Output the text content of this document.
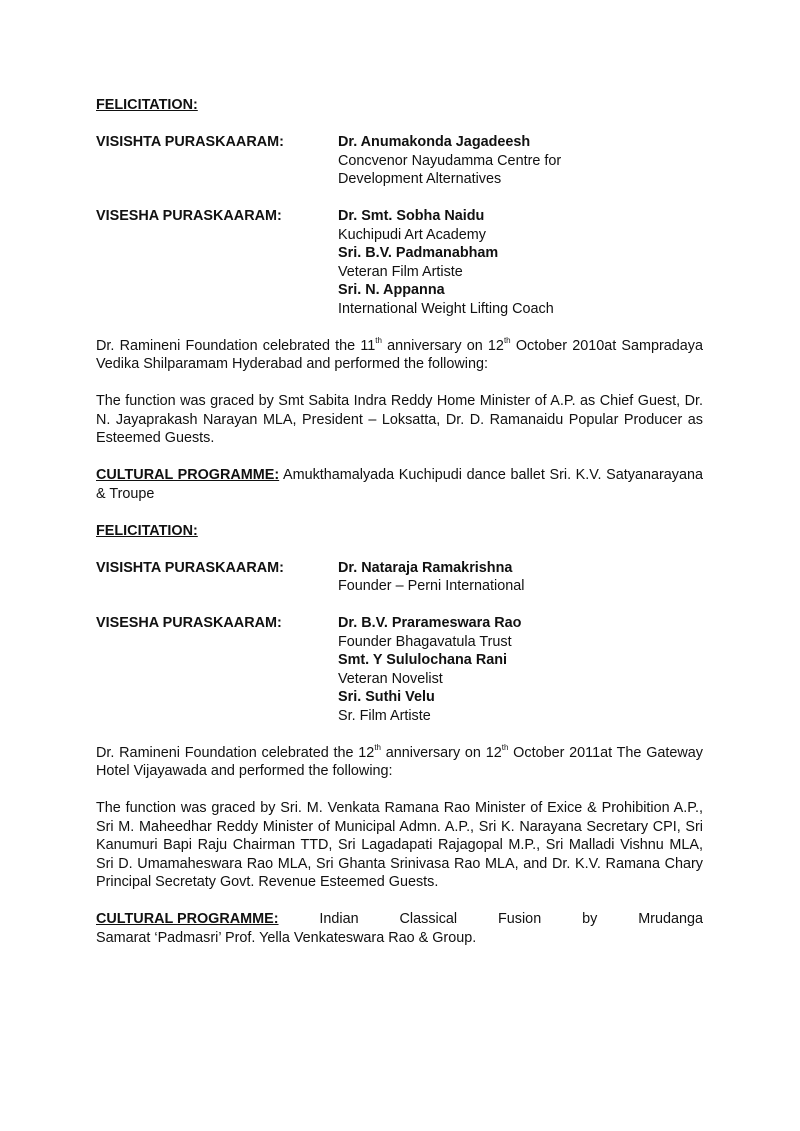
FELICITATION:
VISISHTA PURASKAARAM:	Dr. Anumakonda Jagadeesh
Concvenor Nayudamma Centre for
Development Alternatives
VISESHA PURASKAARAM:	Dr. Smt. Sobha Naidu
Kuchipudi Art Academy
Sri. B.V. Padmanabham
Veteran Film Artiste
Sri. N. Appanna
International Weight Lifting Coach
Dr. Ramineni Foundation celebrated the 11th anniversary on 12th October 2010at Sampradaya Vedika Shilparamam Hyderabad and performed the following:
The function was graced by Smt Sabita Indra Reddy Home Minister of A.P. as Chief Guest, Dr. N. Jayaprakash Narayan MLA, President – Loksatta, Dr. D. Ramanaidu Popular Producer as Esteemed Guests.
CULTURAL PROGRAMME: Amukthamalyada Kuchipudi dance ballet Sri. K.V. Satyanarayana & Troupe
FELICITATION:
VISISHTA PURASKAARAM:	Dr. Nataraja Ramakrishna
Founder – Perni International
VISESHA PURASKAARAM:	Dr. B.V. Prarameswara Rao
Founder Bhagavatula Trust
Smt. Y Sululochana Rani
Veteran Novelist
Sri. Suthi Velu
Sr. Film Artiste
Dr. Ramineni Foundation celebrated the 12th anniversary on 12th October 2011at The Gateway Hotel Vijayawada and performed the following:
The function was graced by Sri. M. Venkata Ramana Rao Minister of Exice & Prohibition A.P., Sri M. Maheedhar Reddy Minister of Municipal Admn. A.P., Sri K. Narayana Secretary CPI, Sri Kanumuri Bapi Raju Chairman TTD, Sri Lagadapati Rajagopal M.P., Sri Malladi Vishnu MLA, Sri D. Umamaheswara Rao MLA, Sri Ghanta Srinivasa Rao MLA, and Dr. K.V. Ramana Chary Principal Secretaty Govt. Revenue Esteemed Guests.
CULTURAL PROGRAMME:	Indian	Classical	Fusion	by	Mrudanga
Samarat ‘Padmasri’ Prof. Yella Venkateswara Rao & Group.
